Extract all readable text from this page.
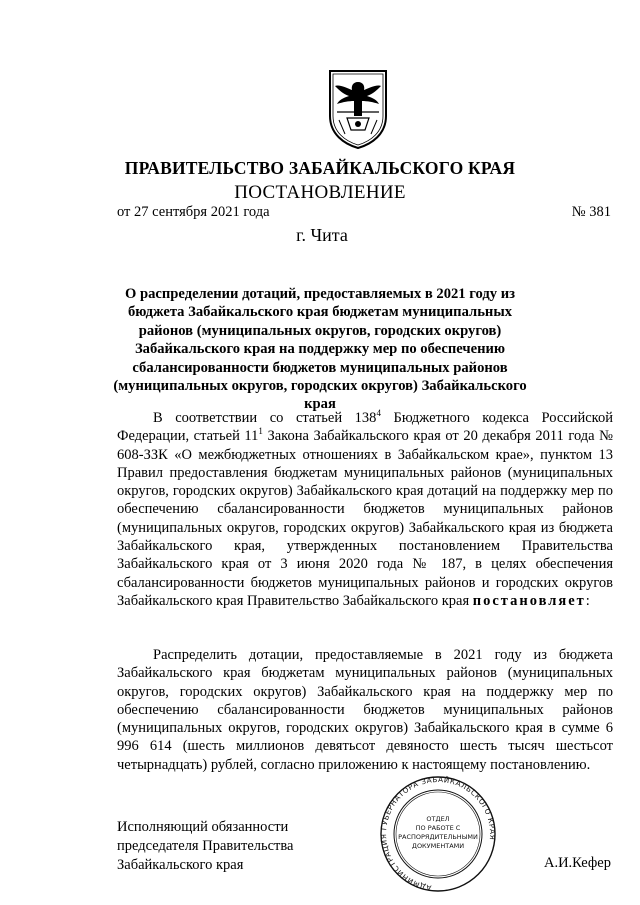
ПРАВИТЕЛЬСТВО ЗАБАЙКАЛЬСКОГО КРАЯ
ПОСТАНОВЛЕНИЕ
от 27 сентября 2021 года	№ 381
г. Чита
О распределении дотаций, предоставляемых в 2021 году из бюджета Забайкальского края бюджетам муниципальных районов (муниципальных округов, городских округов) Забайкальского края на поддержку мер по обеспечению сбалансированности бюджетов муниципальных районов (муниципальных округов, городских округов) Забайкальского края
В соответствии со статьей $138^4$ Бюджетного кодекса Российской Федерации, статьей $11^1$ Закона Забайкальского края от 20 декабря 2011 года № 608-ЗЗК «О межбюджетных отношениях в Забайкальском крае», пунктом 13 Правил предоставления бюджетам муниципальных районов (муниципальных округов, городских округов) Забайкальского края дотаций на поддержку мер по обеспечению сбалансированности бюджетов муниципальных районов (муниципальных округов, городских округов) Забайкальского края из бюджета Забайкальского края, утвержденных постановлением Правительства Забайкальского края от 3 июня 2020 года № 187, в целях обеспечения сбалансированности бюджетов муниципальных районов и городских округов Забайкальского края Правительство Забайкальского края постановляет:
Распределить дотации, предоставляемые в 2021 году из бюджета Забайкальского края бюджетам муниципальных районов (муниципальных округов, городских округов) Забайкальского края на поддержку мер по обеспечению сбалансированности бюджетов муниципальных районов (муниципальных округов, городских округов) Забайкальского края в сумме 6 996 614 (шесть миллионов девятьсот девяносто шесть тысяч шестьсот четырнадцать) рублей, согласно приложению к настоящему постановлению.
Исполняющий обязанности
председателя Правительства
Забайкальского края	А.И.Кефер
АДМИНИСТРАЦИЯ ГУБЕРНАТОРА ЗАБАЙКАЛЬСКОГО КРАЯ
ОТДЕЛ
ПО РАБОТЕ С
РАСПОРЯДИТЕЛЬНЫМИ
ДОКУМЕНТАМИ
